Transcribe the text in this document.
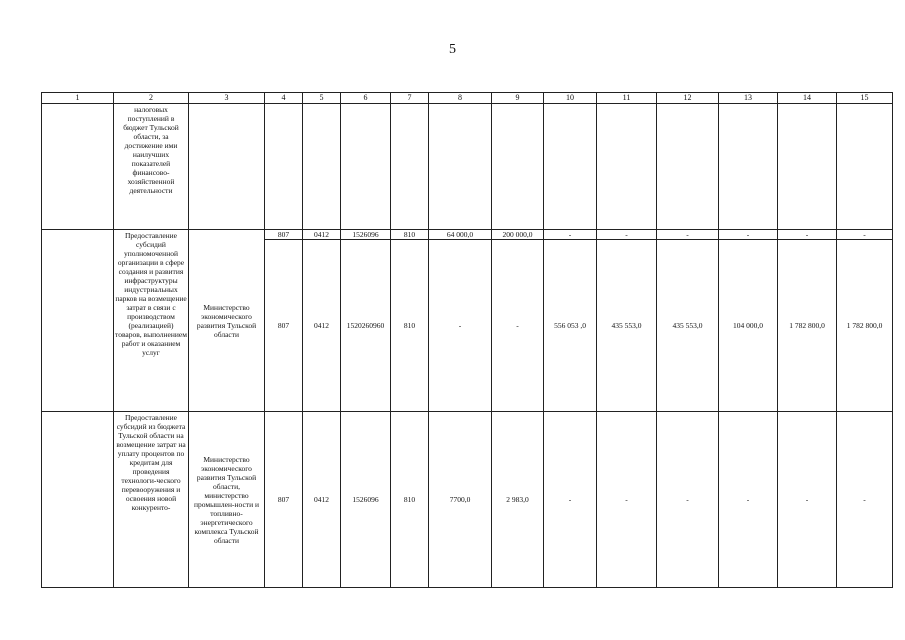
5
1	2	3	4	5	6	7	8	9	10	11	12	13	14	15
	налоговых поступлений в бюджет Тульской области, за достижение ими наилучших показателей финансово-хозяйственной деятельности													
	Предоставление субсидий уполномоченной организации в сфере создания и развития инфраструктуры индустриальных парков на возмещение затрат в связи с производством (реализацией) товаров, выполнением работ и оказанием услуг	Министерство экономического развития Тульской области	807	0412	1526096	810	64 000,0	200 000,0	-	-	-	-	-	-
			807	0412	1520260960	810	-	-	556 053 ,0	435 553,0	435 553,0	104 000,0	1 782 800,0	1 782 800,0
	Предоставление субсидий из бюджета Тульской области на возмещение затрат на уплату процентов по кредитам для проведения технологи-ческого перевооружения и освоения новой конкуренто-	Министерство экономического развития Тульской области, министерство промышлен-ности и топливно-энергетического комплекса Тульской области	807	0412	1526096	810	7700,0	2 983,0	-	-	-	-	-	-
